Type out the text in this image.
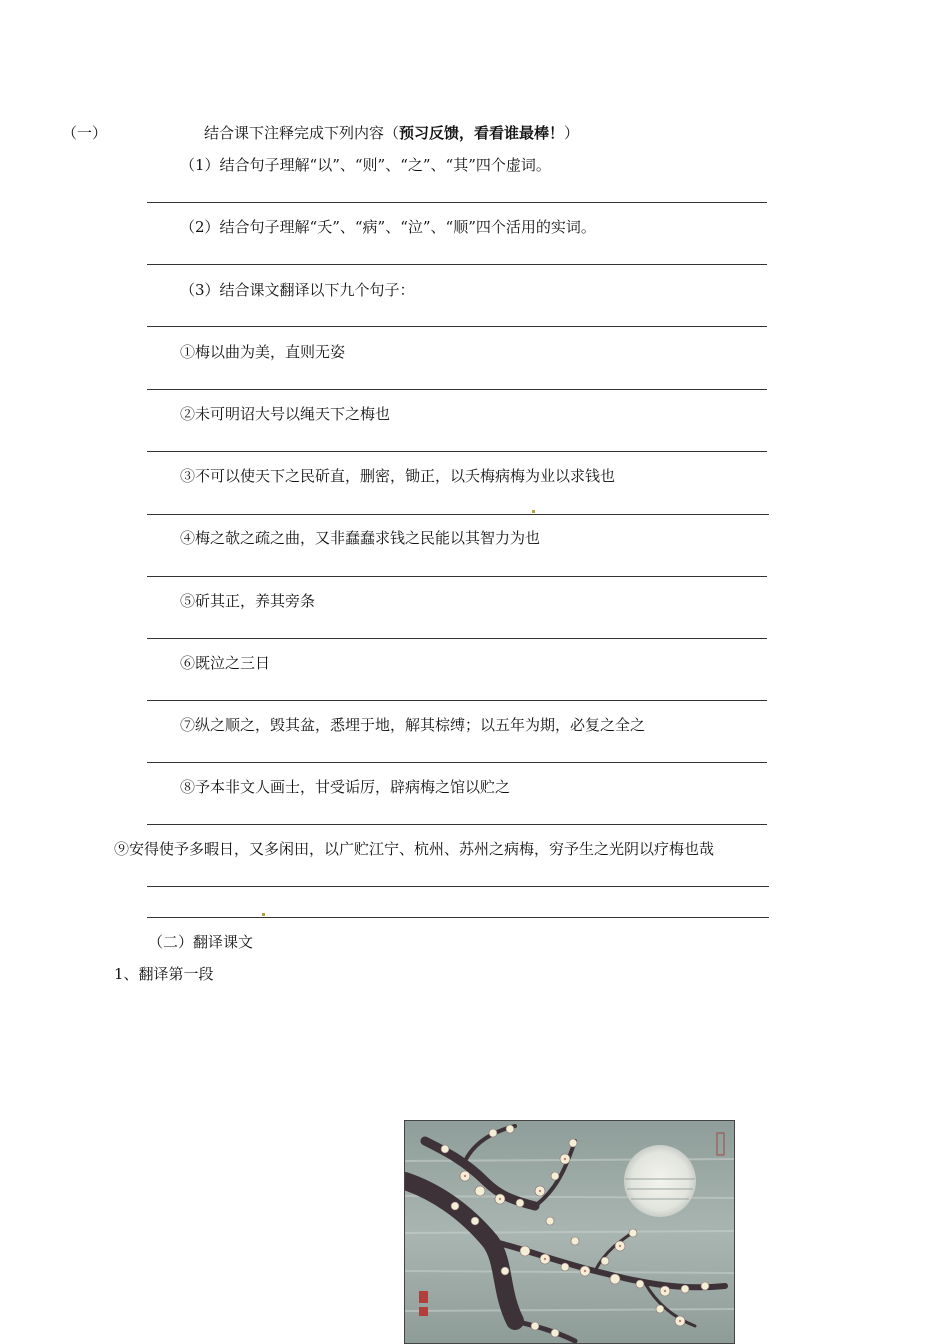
（一）	结合课下注释完成下列内容（预习反馈，看看谁最棒！）
（1）结合句子理解“以”、“则”、“之”、“其”四个虚词。
（2）结合句子理解“夭”、“病”、“泣”、“顺”四个活用的实词。
（3）结合课文翻译以下九个句子：
①梅以曲为美，直则无姿
②未可明诏大号以绳天下之梅也
③不可以使天下之民斫直，删密，锄正，以夭梅病梅为业以求钱也
④梅之欹之疏之曲，又非蠢蠢求钱之民能以其智力为也
⑤斫其正，养其旁条
⑥既泣之三日
⑦纵之顺之，毁其盆，悉埋于地，解其棕缚；以五年为期，必复之全之
⑧予本非文人画士，甘受诟厉，辟病梅之馆以贮之
⑨安得使予多暇日，又多闲田，以广贮江宁、杭州、苏州之病梅，穷予生之光阴以疗梅也哉
（二）翻译课文
1、翻译第一段
